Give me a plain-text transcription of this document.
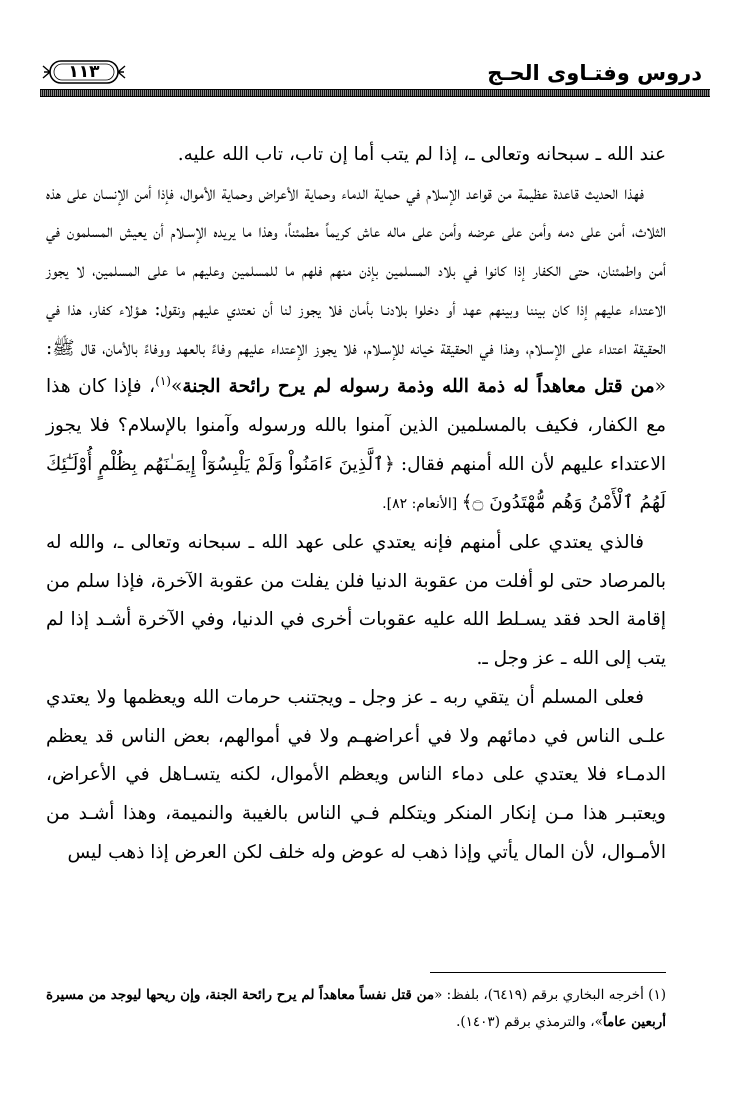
دروس وفتـاوى الحـج
١١٣

عند الله ـ سبحانه وتعالى ـ، إذا لم يتب أما إن تاب، تاب الله عليه.

فهذا الحديث قاعدة عظيمة من قواعد الإسلام في حماية الدماء وحماية الأعراض وحماية الأموال، فإذا أمن الإنسان على هذه الثلاث، أمن على دمه وأمن على عرضه وأمن على ماله عاش كريماً مطمئناً، وهذا ما يريده الإسـلام أن يعيش المسلمون في أمن واطمئنان، حتى الكفار إذا كانوا في بلاد المسلمين بإذن منهم فلهم ما للمسلمين وعليهم ما على المسلمين، لا يجوز الاعتداء عليهم إذا كان بيننا وبينهم عهد أو دخلوا بلادنـا بأمان فلا يجوز لنا أن نعتدي عليهم ونقول: هـؤلاء كفار، هذا في الحقيقة اعتداء على الإسـلام، وهذا في الحقيقة خيانه للإسـلام، فلا يجوز الإعتداء عليهم وفاءً بالعهد ووفاءً بالأمان، قال ﷺ: «من قتل معاهداً له ذمة الله وذمة رسوله لم يرح رائحة الجنة»$^{(١)}$، فإذا كان هذا مع الكفار، فكيف بالمسلمين الذين آمنوا بالله ورسوله وآمنوا بالإسلام؟ فلا يجوز الاعتداء عليهم لأن الله أمنهم فقال: ﴿ٱلَّذِينَ ءَامَنُواْ وَلَمْ يَلْبِسُوٓاْ إِيمَـٰنَهُم بِظُلْمٍ أُوْلَـٰٓئِكَ لَهُمُ ٱلْأَمْنُ وَهُم مُّهْتَدُونَ ۝﴾ [الأنعام: ٨٢].

فالذي يعتدي على أمنهم فإنه يعتدي على عهد الله ـ سبحانه وتعالى ـ، والله له بالمرصاد حتى لو أفلت من عقوبة الدنيا فلن يفلت من عقوبة الآخرة، فإذا سلم من إقامة الحد فقد يسـلط الله عليه عقوبات أخرى في الدنيا، وفي الآخرة أشـد إذا لم يتب إلى الله ـ عز وجل ـ.

فعلى المسلم أن يتقي ربه ـ عز وجل ـ ويجتنب حرمات الله ويعظمها ولا يعتدي علـى الناس في دمائهم ولا في أعراضهـم ولا في أموالهم، بعض الناس قد يعظم الدمـاء فلا يعتدي على دماء الناس ويعظم الأموال، لكنه يتسـاهل في الأعراض، ويعتبـر هذا مـن إنكار المنكر ويتكلم فـي الناس بالغيبة والنميمة، وهذا أشـد من الأمـوال، لأن المال يأتي وإذا ذهب له عوض وله خلف لكن العرض إذا ذهب ليس

(١) أخرجه البخاري برقم (٦٤١٩)، بلفظ: «من قتل نفساً معاهداً لم يرح رائحة الجنة، وإن ريحها ليوجد من مسيرة أربعين عاماً»، والترمذي برقم (١٤٠٣).
